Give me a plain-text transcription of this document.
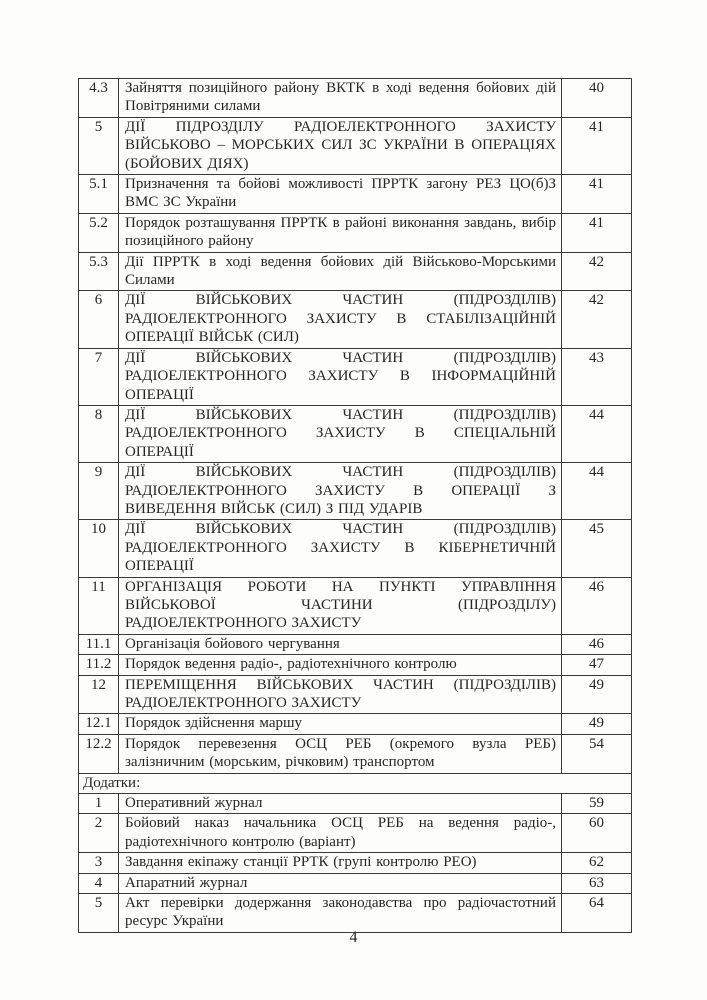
4.3	Зайняття позиційного району ВКТК в ході ведення бойових дій Повітряними силами	40
5	ДІЇ ПІДРОЗДІЛУ РАДІОЕЛЕКТРОННОГО ЗАХИСТУ ВІЙСЬКОВО – МОРСЬКИХ СИЛ ЗС УКРАЇНИ В ОПЕРАЦІЯХ (БОЙОВИХ ДІЯХ)	41
5.1	Призначення та бойові можливості ПРРТК загону РЕЗ ЦО(б)З ВМС ЗС України	41
5.2	Порядок розташування ПРРТК в районі виконання завдань, вибір позиційного району	41
5.3	Дії ПРРТК в ході ведення бойових дій Військово-Морськими Силами	42
6	ДІЇ ВІЙСЬКОВИХ ЧАСТИН (ПІДРОЗДІЛІВ) РАДІОЕЛЕКТРОННОГО ЗАХИСТУ В СТАБІЛІЗАЦІЙНІЙ ОПЕРАЦІЇ ВІЙСЬК (СИЛ)	42
7	ДІЇ ВІЙСЬКОВИХ ЧАСТИН (ПІДРОЗДІЛІВ) РАДІОЕЛЕКТРОННОГО ЗАХИСТУ В ІНФОРМАЦІЙНІЙ ОПЕРАЦІЇ	43
8	ДІЇ ВІЙСЬКОВИХ ЧАСТИН (ПІДРОЗДІЛІВ) РАДІОЕЛЕКТРОННОГО ЗАХИСТУ В СПЕЦІАЛЬНІЙ ОПЕРАЦІЇ	44
9	ДІЇ ВІЙСЬКОВИХ ЧАСТИН (ПІДРОЗДІЛІВ) РАДІОЕЛЕКТРОННОГО ЗАХИСТУ В ОПЕРАЦІЇ З ВИВЕДЕННЯ ВІЙСЬК (СИЛ) З ПІД УДАРІВ	44
10	ДІЇ ВІЙСЬКОВИХ ЧАСТИН (ПІДРОЗДІЛІВ) РАДІОЕЛЕКТРОННОГО ЗАХИСТУ В КІБЕРНЕТИЧНІЙ ОПЕРАЦІЇ	45
11	ОРГАНІЗАЦІЯ РОБОТИ НА ПУНКТІ УПРАВЛІННЯ ВІЙСЬКОВОЇ ЧАСТИНИ (ПІДРОЗДІЛУ) РАДІОЕЛЕКТРОННОГО ЗАХИСТУ	46
11.1	Організація бойового чергування	46
11.2	Порядок ведення радіо-, радіотехнічного контролю	47
12	ПЕРЕМІЩЕННЯ ВІЙСЬКОВИХ ЧАСТИН (ПІДРОЗДІЛІВ) РАДІОЕЛЕКТРОННОГО ЗАХИСТУ	49
12.1	Порядок здійснення маршу	49
12.2	Порядок перевезення ОСЦ РЕБ (окремого вузла РЕБ) залізничним (морським, річковим) транспортом	54
Додатки:		
1	Оперативний журнал	59
2	Бойовий наказ начальника ОСЦ РЕБ на ведення радіо-, радіотехнічного контролю (варіант)	60
3	Завдання екіпажу станції РРТК (групі контролю РЕО)	62
4	Апаратний журнал	63
5	Акт перевірки додержання законодавства про радіочастотний ресурс України	64
4
